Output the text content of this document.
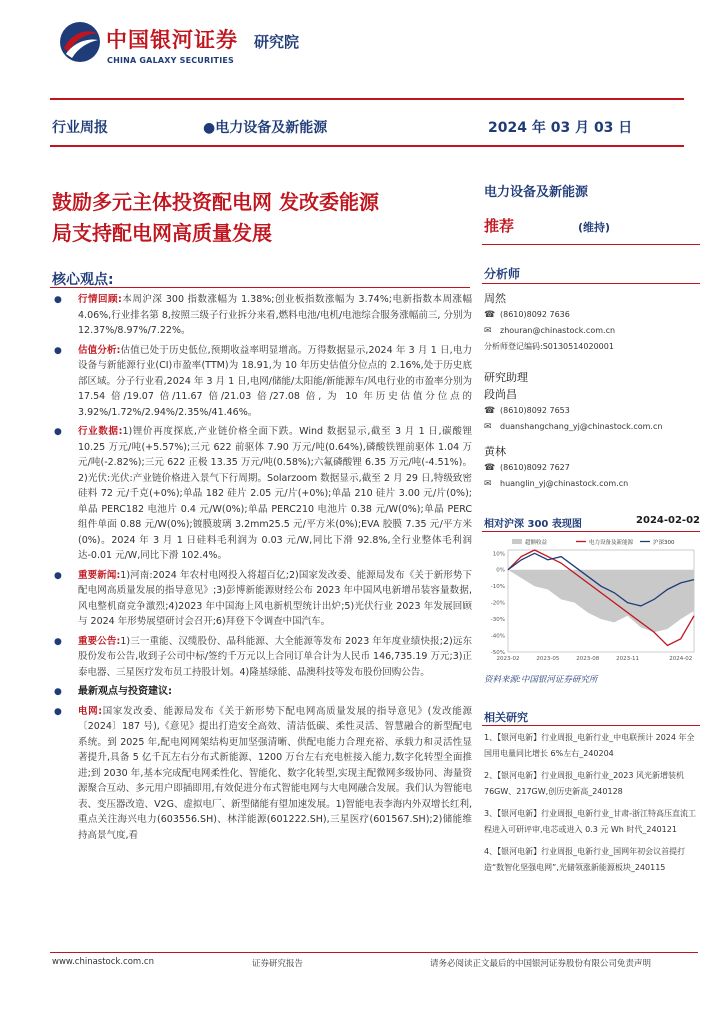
中国银河证券
CHINA GALAXY SECURITIES
研究院
行业周报	●电力设备及新能源	2024 年 03 月 03 日
鼓励多元主体投资配电网 发改委能源
局支持配电网高质量发展
电力设备及新能源
推荐	(维持)
核心观点:
● 行情回顾:本周沪深 300 指数涨幅为 1.38%;创业板指数涨幅为 3.74%;电新指数本周涨幅 4.06%,行业排名第 8,按照三级子行业拆分来看,燃料电池/电机/电池综合服务涨幅前三, 分别为 12.37%/8.97%/7.22%。
● 估值分析:估值已处于历史低位,预期收益率明显增高。万得数据显示,2024 年 3 月 1 日,电力设备与新能源行业(CI)市盈率(TTM)为 18.91,为 10 年历史估值分位点的 2.16%,处于历史底部区域。分子行业看,2024 年 3 月 1 日,电网/储能/太阳能/新能源车/风电行业的市盈率分别为 17.54 倍/19.07 倍/11.67 倍/21.03 倍/27.08 倍, 为 10 年历史估值分位点的 3.92%/1.72%/2.94%/2.35%/41.46%。
● 行业数据:1)锂价再度探底,产业链价格全面下跌。Wind 数据显示,截至 3 月 1 日,碳酸锂 10.25 万元/吨(+5.57%);三元 622 前驱体 7.90 万元/吨(0.64%),磷酸铁锂前驱体 1.04 万元/吨(-2.82%);三元 622 正极 13.35 万元/吨(0.58%);六氟磷酸锂 6.35 万元/吨(-4.51%)。2)光伏:光伏:产业链价格进入景气下行周期。Solarzoom 数据显示,截至 2 月 29 日,特级致密硅料 72 元/千克(+0%);单晶 182 硅片 2.05 元/片(+0%);单晶 210 硅片 3.00 元/片(0%);单晶 PERC182 电池片 0.4 元/W(0%);单晶 PERC210 电池片 0.38 元/W(0%);单晶 PERC 组件单面 0.88 元/W(0%);镀膜玻璃 3.2mm25.5 元/平方米(0%);EVA 胶膜 7.35 元/平方米(0%)。2024 年 3 月 1 日硅料毛利润为 0.03 元/W,同比下滑 92.8%,全行业整体毛利润达-0.01 元/W,同比下滑 102.4%。
● 重要新闻:1)河南:2024 年农村电网投入将超百亿;2)国家发改委、能源局发布《关于新形势下配电网高质量发展的指导意见》;3)彭博新能源财经公布 2023 年中国风电新增吊装容量数据,风电整机商竞争激烈;4)2023 年中国海上风电新机型统计出炉;5)光伏行业 2023 年发展回顾与 2024 年形势展望研讨会召开;6)拜登下令调查中国汽车。
● 重要公告:1)三一重能、汉缆股份、晶科能源、大全能源等发布 2023 年年度业绩快报;2)远东股份发布公告,收到子公司中标/签约千万元以上合同订单合计为人民币 146,735.19 万元;3)正泰电器、三星医疗发布员工持股计划。4)隆基绿能、晶澳科技等发布股份回购公告。
● 最新观点与投资建议:
● 电网:国家发改委、能源局发布《关于新形势下配电网高质量发展的指导意见》(发改能源〔2024〕187 号),《意见》提出打造安全高效、清洁低碳、柔性灵活、智慧融合的新型配电系统。到 2025 年,配电网网架结构更加坚强清晰、供配电能力合理充裕、承载力和灵活性显著提升,具备 5 亿千瓦左右分布式新能源、1200 万台左右充电桩接入能力,数字化转型全面推进;到 2030 年,基本完成配电网柔性化、智能化、数字化转型,实现主配微网多级协同、海量资源聚合互动、多元用户即插即用,有效促进分布式智能电网与大电网融合发展。我们认为智能电表、变压器改造、V2G、虚拟电厂、新型储能有望加速发展。1)智能电表李海内外双增长红利,重点关注海兴电力(603556.SH)、林洋能源(601222.SH),三星医疗(601567.SH);2)储能维持高景气度,看
分析师
周然
☎ (8610)8092 7636
✉ zhouran@chinastock.com.cn
分析师登记编码:S0130514020001
研究助理
段尚昌
☎ (8610)8092 7653
✉ duanshangchang_yj@chinastock.com.cn
黄林
☎ (8610)8092 7627
✉ huanglin_yj@chinastock.com.cn
相对沪深 300 表现图	2024-02-02
10%
0%
-10%
-20%
-30%
-40%
-50%
2023-02	2023-05	2023-08	2023-11	2024-02
超额收益	电力设备及新能源	沪深300
资料来源:中国银河证券研究所
相关研究
1、【银河电新】行业周报_电新行业_中电联预计 2024 年全国用电量同比增长 6%左右_240204
2、【银河电新】行业周报_电新行业_2023 风光新增装机 76GW、217GW,创历史新高_240128
3、【银河电新】行业周报_电新行业_甘肃-浙江特高压直流工程进入可研评审,电芯或进入 0.3 元 Wh 时代_240121
4、【银河电新】行业周报_电新行业_国网年初会议首提打造“数智化坚强电网”,光储领涨新能源板块_240115
www.chinastock.com.cn	证券研究报告	请务必阅读正文最后的中国银河证券股份有限公司免责声明
